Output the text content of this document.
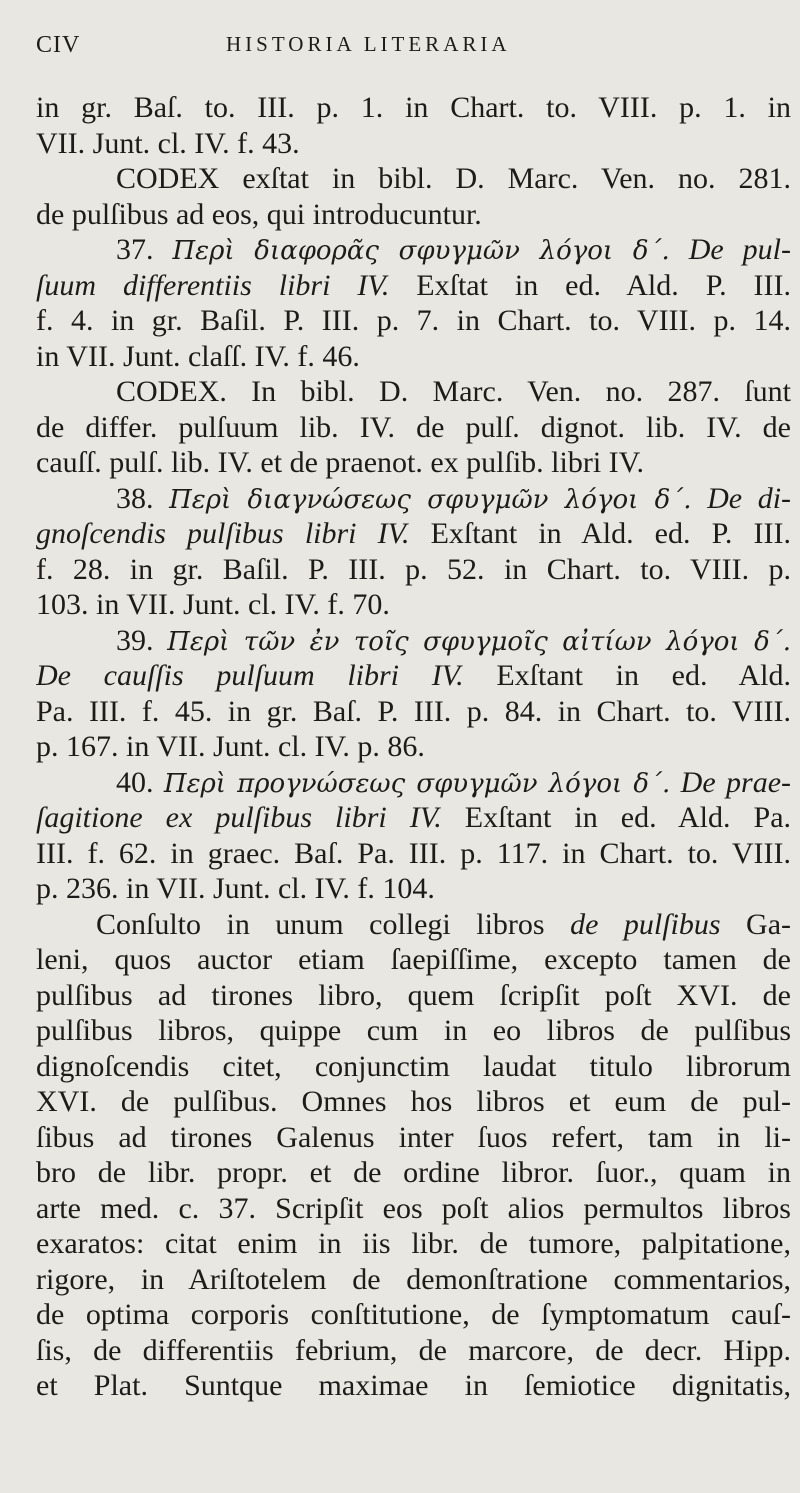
CIV	HISTORIA LITERARIA
in gr. Baſ. to. III. p. 1. in Chart. to. VIII. p. 1. in
VII. Junt. cl. IV. f. 43.
CODEX exſtat in bibl. D. Marc. Ven. no. 281.
de pulſibus ad eos, qui introducuntur.
37. Περὶ διαφορᾶς σφυγμῶν λόγοι δ΄. De pul-
ſuum differentiis libri IV. Exſtat in ed. Ald. P. III.
f. 4. in gr. Baſil. P. III. p. 7. in Chart. to. VIII. p. 14.
in VII. Junt. claſſ. IV. f. 46.
CODEX. In bibl. D. Marc. Ven. no. 287. ſunt
de differ. pulſuum lib. IV. de pulſ. dignot. lib. IV. de
cauſſ. pulſ. lib. IV. et de praenot. ex pulſib. libri IV.
38. Περὶ διαγνώσεως σφυγμῶν λόγοι δ΄. De di-
gnoſcendis pulſibus libri IV. Exſtant in Ald. ed. P. III.
f. 28. in gr. Baſil. P. III. p. 52. in Chart. to. VIII. p.
103. in VII. Junt. cl. IV. f. 70.
39. Περὶ τῶν ἐν τοῖς σφυγμοῖς αἰτίων λόγοι δ΄.
De cauſſis pulſuum libri IV. Exſtant in ed. Ald.
Pa. III. f. 45. in gr. Baſ. P. III. p. 84. in Chart. to. VIII.
p. 167. in VII. Junt. cl. IV. p. 86.
40. Περὶ προγνώσεως σφυγμῶν λόγοι δ΄. De prae-
ſagitione ex pulſibus libri IV. Exſtant in ed. Ald. Pa.
III. f. 62. in graec. Baſ. Pa. III. p. 117. in Chart. to. VIII.
p. 236. in VII. Junt. cl. IV. f. 104.
Conſulto in unum collegi libros de pulſibus Ga-
leni, quos auctor etiam ſaepiſſime, excepto tamen de
pulſibus ad tirones libro, quem ſcripſit poſt XVI. de
pulſibus libros, quippe cum in eo libros de pulſibus
dignoſcendis citet, conjunctim laudat titulo librorum
XVI. de pulſibus. Omnes hos libros et eum de pul-
ſibus ad tirones Galenus inter ſuos refert, tam in li-
bro de libr. propr. et de ordine libror. ſuor., quam in
arte med. c. 37. Scripſit eos poſt alios permultos libros
exaratos: citat enim in iis libr. de tumore, palpitatione,
rigore, in Ariſtotelem de demonſtratione commentarios,
de optima corporis conſtitutione, de ſymptomatum cauſ-
ſis, de differentiis febrium, de marcore, de decr. Hipp.
et Plat. Suntque maximae in ſemiotice dignitatis,
